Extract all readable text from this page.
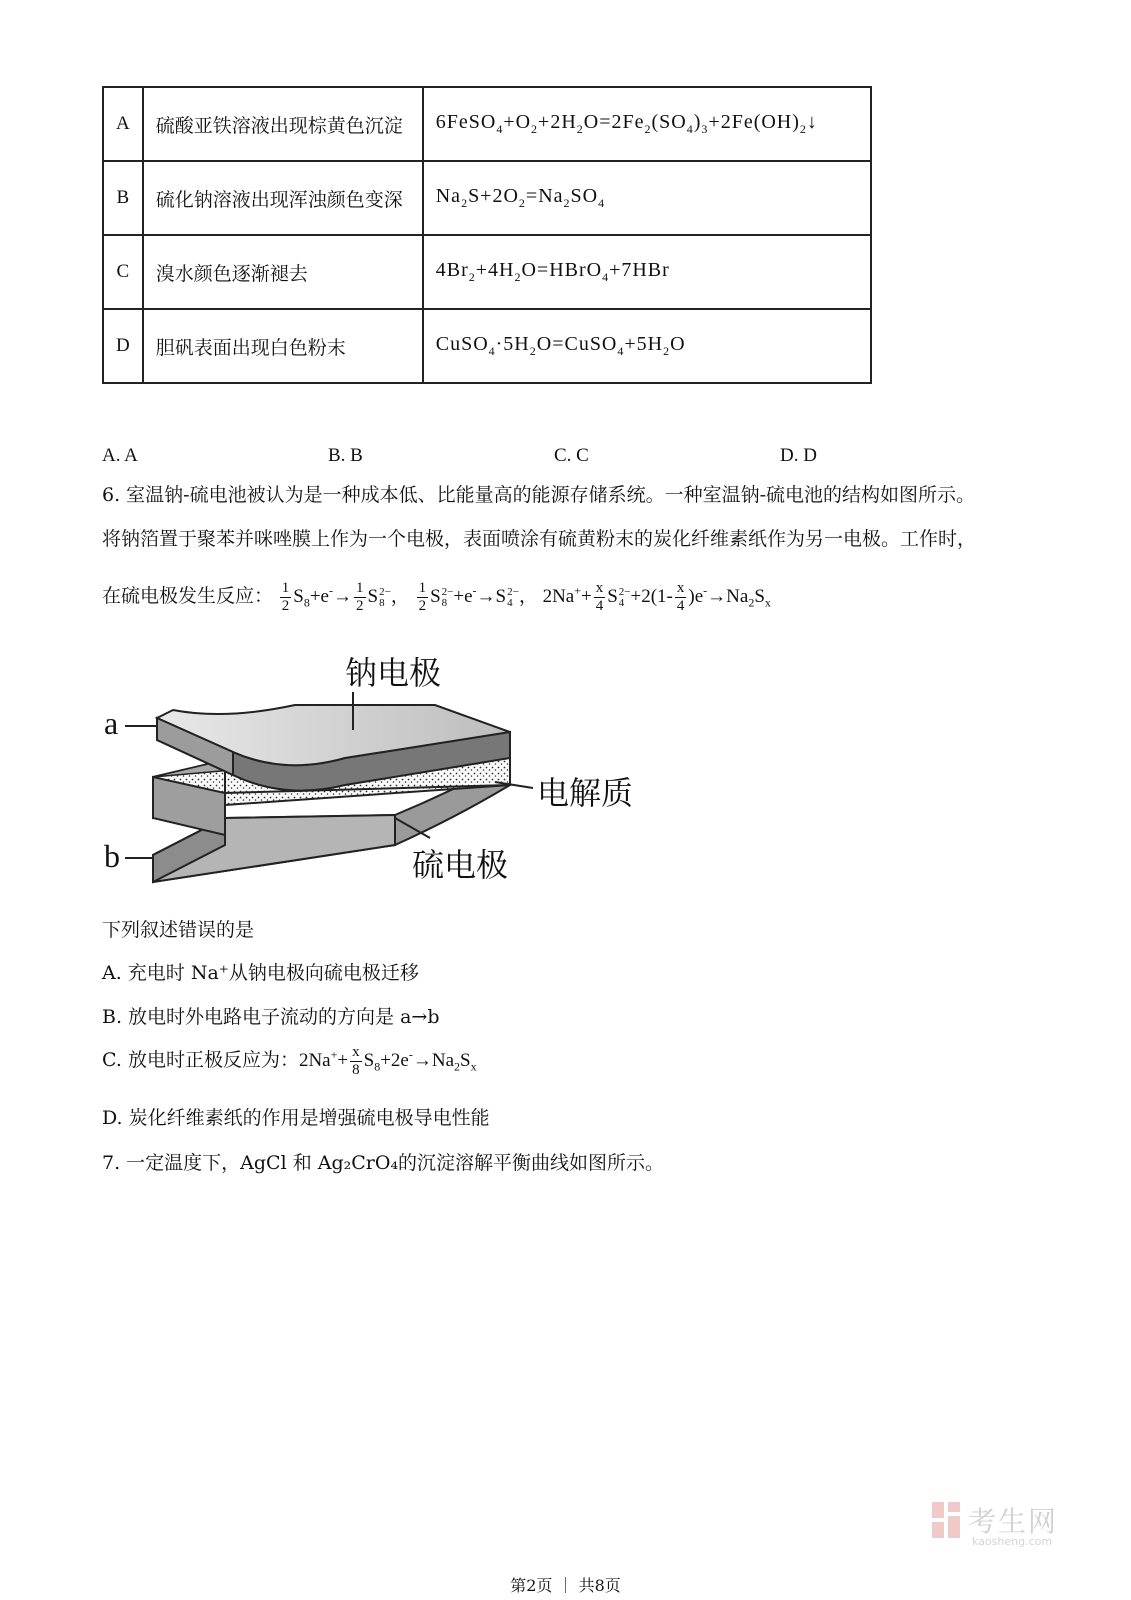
A	硫酸亚铁溶液出现棕黄色沉淀	$6FeSO_4+O_2+2H_2O=2Fe_2(SO_4)_3+2Fe(OH)_2↓$
B	硫化钠溶液出现浑浊颜色变深	$Na_2S+2O_2=Na_2SO_4$
C	溴水颜色逐渐褪去	$4Br_2+4H_2O=HBrO_4+7HBr$
D	胆矾表面出现白色粉末	$CuSO_4\cdot 5H_2O=CuSO_4+5H_2O$
A. A	B. B	C. C	D. D
6. 室温钠-硫电池被认为是一种成本低、比能量高的能源存储系统。一种室温钠-硫电池的结构如图所示。
将钠箔置于聚苯并咪唑膜上作为一个电极，表面喷涂有硫黄粉末的炭化纤维素纸作为另一电极。工作时，
在硫电极发生反应： $\frac{1}{2} S_8+e^-\to \frac{1}{2}$ S 2−
8 ， $\frac{1}{2}$ S 2−
8 +e-→S 2−
4 ， $2Na^++ \frac{x}{4}$ S 2−
$4 +2(1- \frac{x}{4} )e^-\to Na_2S_x$
钠电极
电解质
硫电极
a
b
下列叙述错误的是
A. 充电时 Na⁺从钠电极向硫电极迁移
B. 放电时外电路电子流动的方向是 a→b
C. 放电时正极反应为：$2Na^++ \frac{x}{8} S_8+2e^-\to Na_2S_x$
D. 炭化纤维素纸的作用是增强硫电极导电性能
7. 一定温度下，AgCl 和 Ag₂CrO₄的沉淀溶解平衡曲线如图所示。
考生网
kaosheng.com
第2页 ｜ 共8页
